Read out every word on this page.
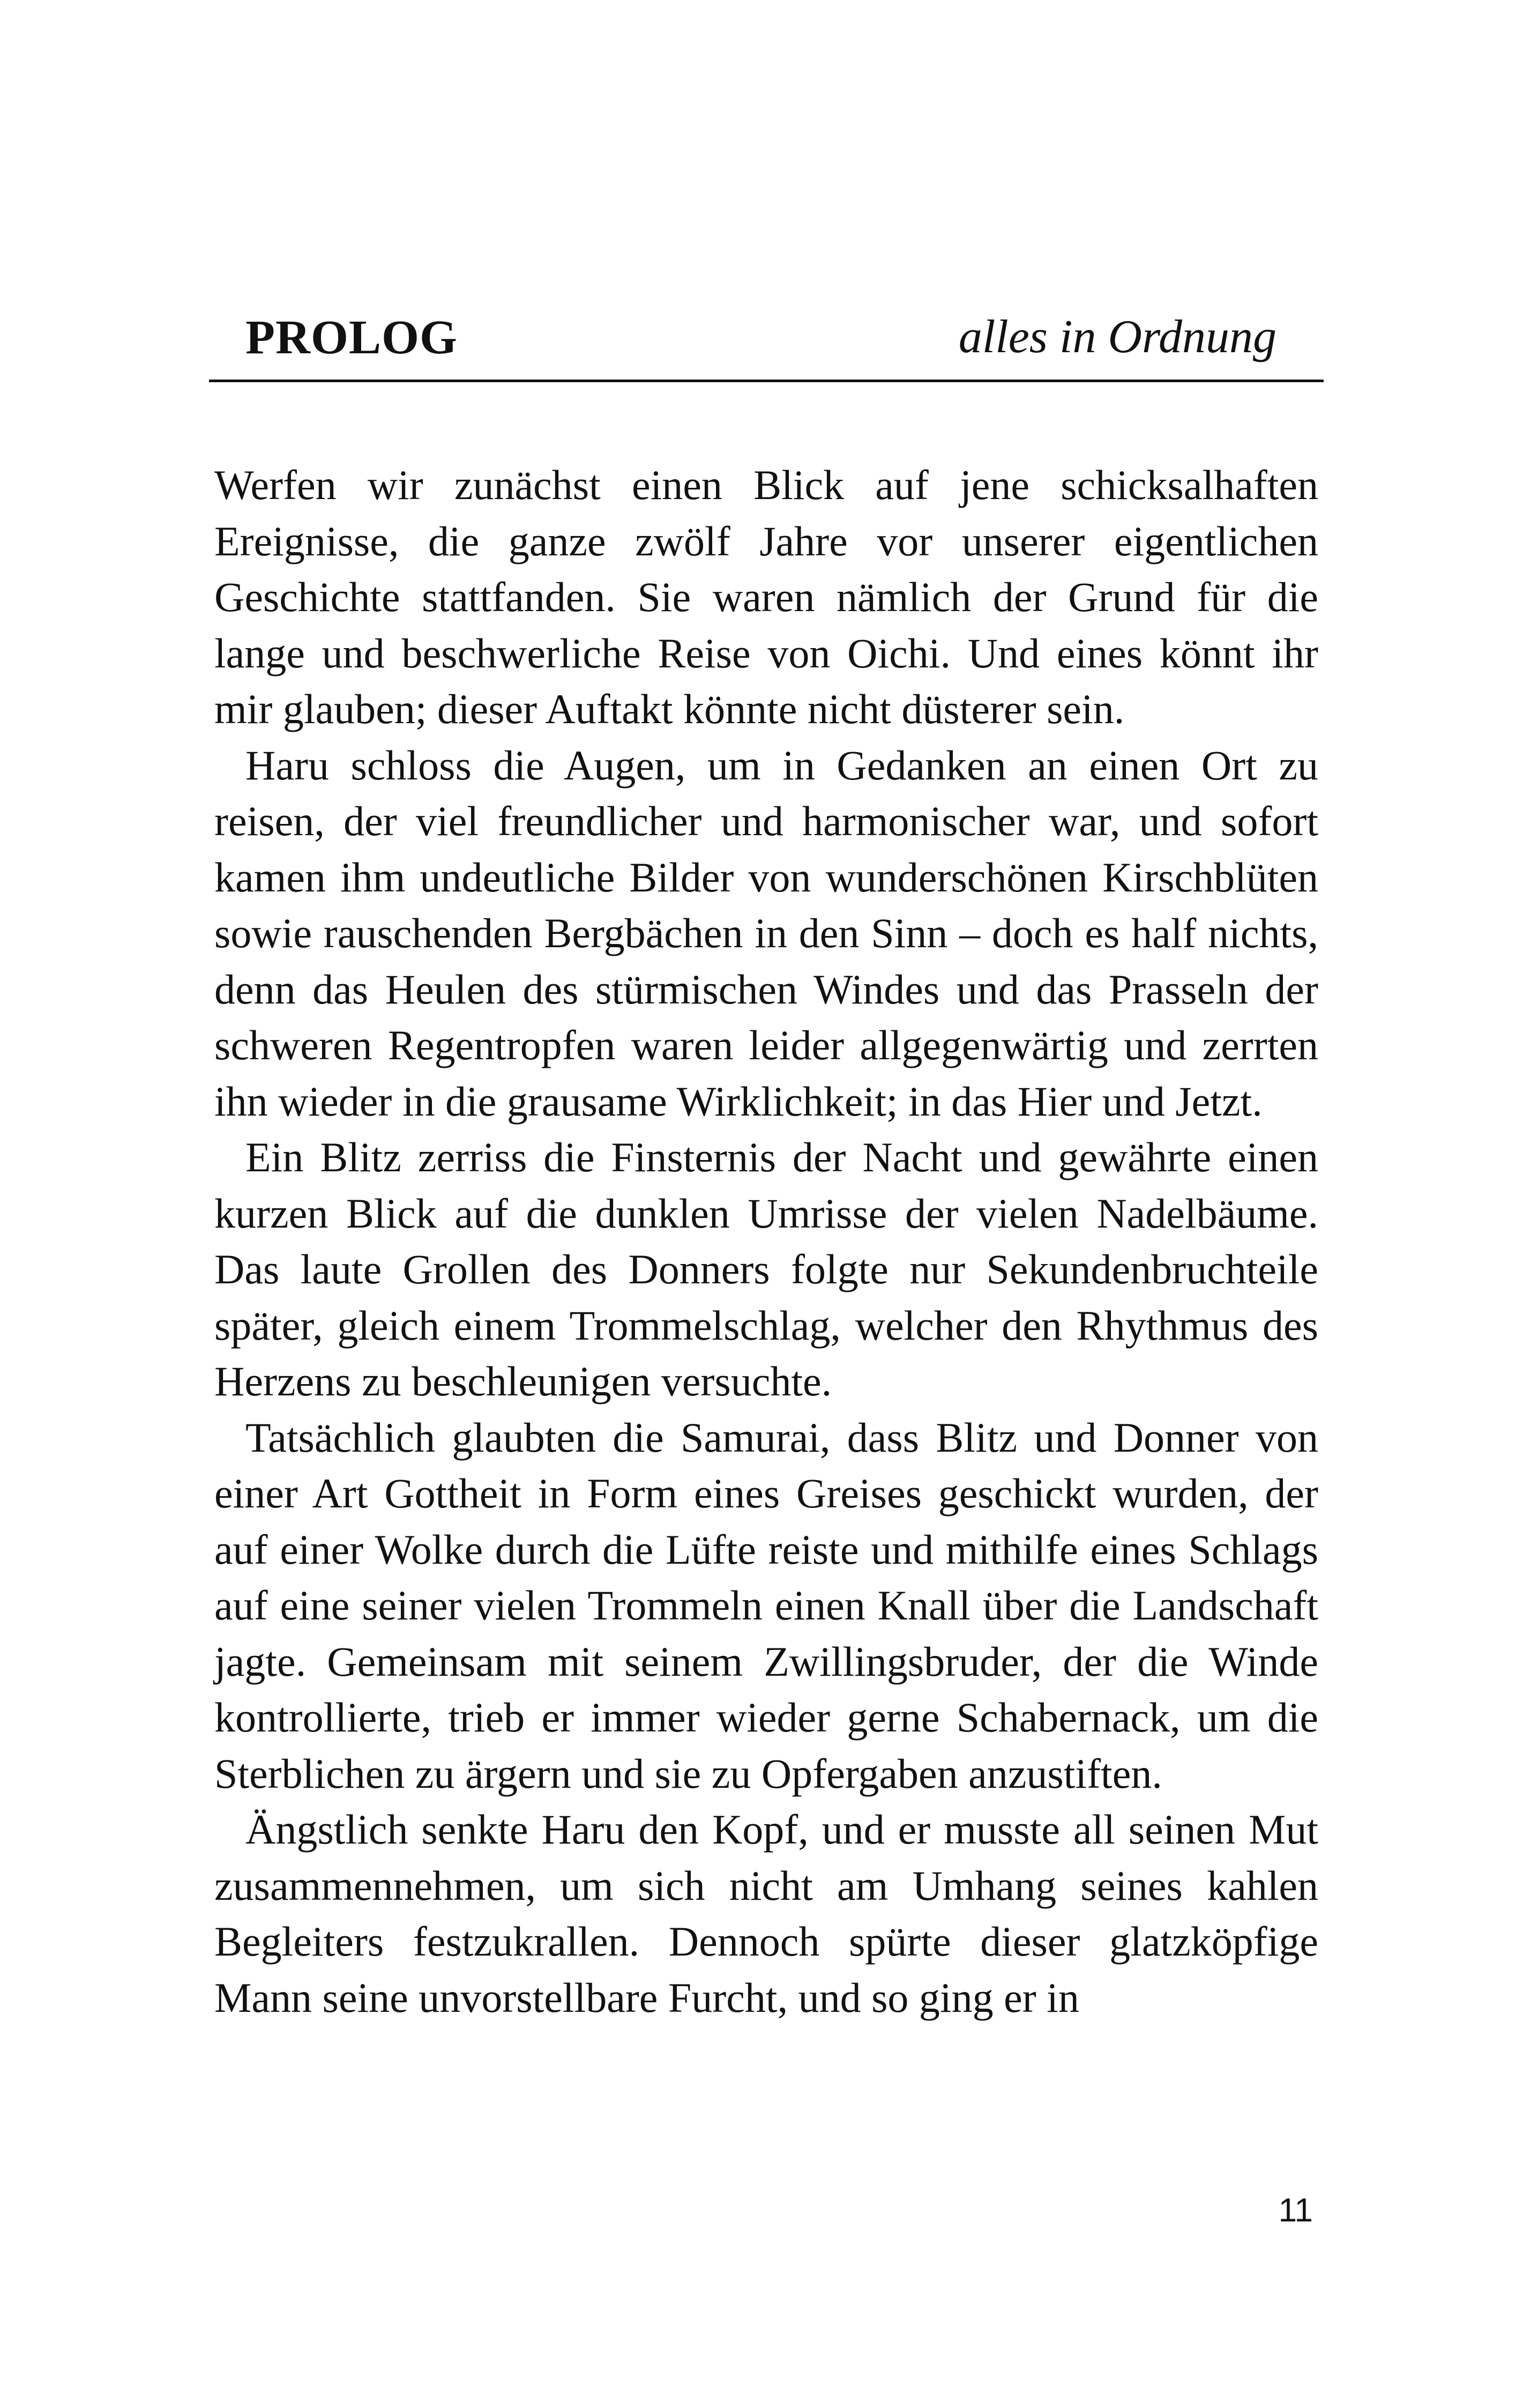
PROLOG	alles in Ordnung

Werfen wir zunächst einen Blick auf jene schicksalhaften Ereignisse, die ganze zwölf Jahre vor unserer eigentlichen Geschichte stattfanden. Sie waren nämlich der Grund für die lange und beschwerliche Reise von Oichi. Und eines könnt ihr mir glauben; dieser Auftakt könnte nicht düsterer sein.

Haru schloss die Augen, um in Gedanken an einen Ort zu reisen, der viel freundlicher und harmonischer war, und sofort kamen ihm undeutliche Bilder von wunderschönen Kirschblüten sowie rauschenden Bergbächen in den Sinn – doch es half nichts, denn das Heulen des stürmischen Windes und das Prasseln der schweren Regentropfen waren leider allgegenwärtig und zerrten ihn wieder in die grausame Wirklichkeit; in das Hier und Jetzt.

Ein Blitz zerriss die Finsternis der Nacht und gewährte einen kurzen Blick auf die dunklen Umrisse der vielen Nadelbäume. Das laute Grollen des Donners folgte nur Sekundenbruchteile später, gleich einem Trommelschlag, welcher den Rhythmus des Herzens zu beschleunigen versuchte.

Tatsächlich glaubten die Samurai, dass Blitz und Donner von einer Art Gottheit in Form eines Greises geschickt wurden, der auf einer Wolke durch die Lüfte reiste und mithilfe eines Schlags auf eine seiner vielen Trommeln einen Knall über die Landschaft jagte. Gemeinsam mit seinem Zwillingsbruder, der die Winde kontrollierte, trieb er immer wieder gerne Schabernack, um die Sterblichen zu ärgern und sie zu Opfergaben anzustiften.

Ängstlich senkte Haru den Kopf, und er musste all seinen Mut zusammennehmen, um sich nicht am Umhang seines kahlen Begleiters festzukrallen. Dennoch spürte dieser glatzköpfige Mann seine unvorstellbare Furcht, und so ging er in

11
